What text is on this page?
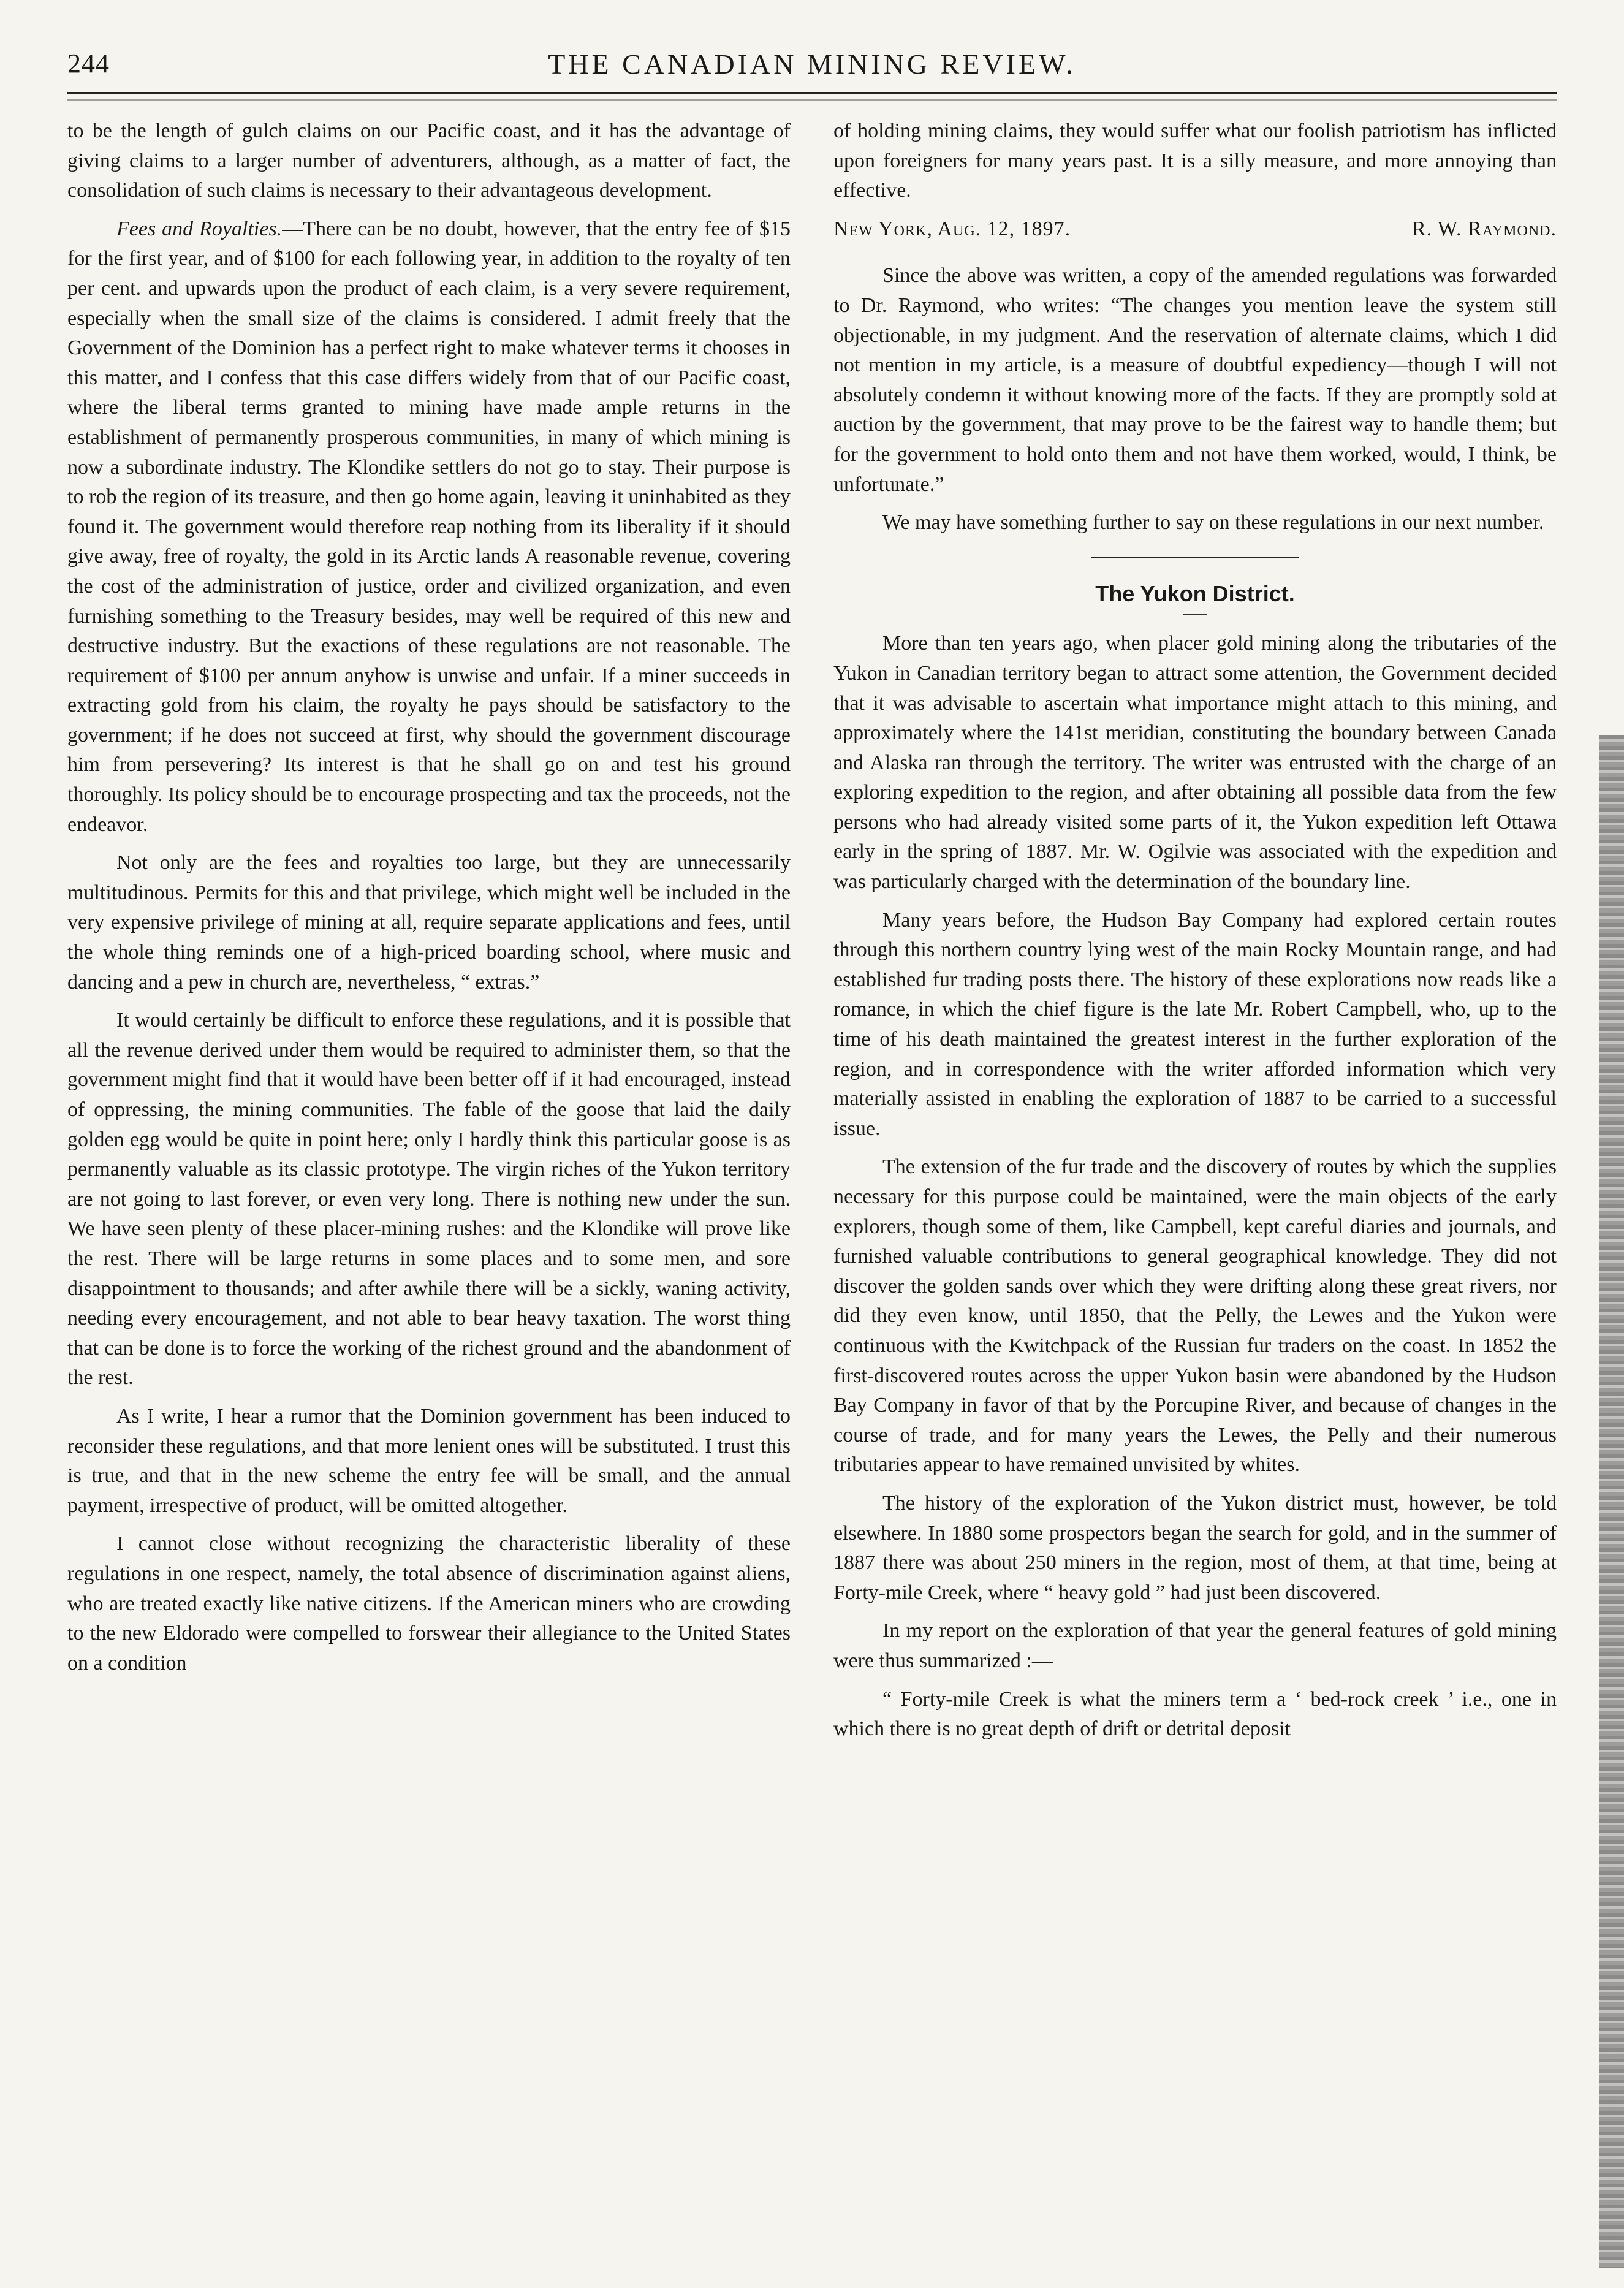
244	THE CANADIAN MINING REVIEW.

to be the length of gulch claims on our Pacific coast, and it has the advantage of giving claims to a larger number of adventurers, although, as a matter of fact, the consolidation of such claims is necessary to their advantageous development.

Fees and Royalties.—There can be no doubt, however, that the entry fee of $15 for the first year, and of $100 for each following year, in addition to the royalty of ten per cent. and upwards upon the product of each claim, is a very severe requirement, especially when the small size of the claims is considered. I admit freely that the Government of the Dominion has a perfect right to make whatever terms it chooses in this matter, and I confess that this case differs widely from that of our Pacific coast, where the liberal terms granted to mining have made ample returns in the establishment of permanently prosperous communities, in many of which mining is now a subordinate industry. The Klondike settlers do not go to stay. Their purpose is to rob the region of its treasure, and then go home again, leaving it uninhabited as they found it. The government would therefore reap nothing from its liberality if it should give away, free of royalty, the gold in its Arctic lands A reasonable revenue, covering the cost of the administration of justice, order and civilized organization, and even furnishing something to the Treasury besides, may well be required of this new and destructive industry. But the exactions of these regulations are not reasonable. The requirement of $100 per annum anyhow is unwise and unfair. If a miner succeeds in extracting gold from his claim, the royalty he pays should be satisfactory to the government; if he does not succeed at first, why should the government discourage him from persevering? Its interest is that he shall go on and test his ground thoroughly. Its policy should be to encourage prospecting and tax the proceeds, not the endeavor.

Not only are the fees and royalties too large, but they are unnecessarily multitudinous. Permits for this and that privilege, which might well be included in the very expensive privilege of mining at all, require separate applications and fees, until the whole thing reminds one of a high-priced boarding school, where music and dancing and a pew in church are, nevertheless, “ extras.”

It would certainly be difficult to enforce these regulations, and it is possible that all the revenue derived under them would be required to administer them, so that the government might find that it would have been better off if it had encouraged, instead of oppressing, the mining communities. The fable of the goose that laid the daily golden egg would be quite in point here; only I hardly think this particular goose is as permanently valuable as its classic prototype. The virgin riches of the Yukon territory are not going to last forever, or even very long. There is nothing new under the sun. We have seen plenty of these placer-mining rushes: and the Klondike will prove like the rest. There will be large returns in some places and to some men, and sore disappointment to thousands; and after awhile there will be a sickly, waning activity, needing every encouragement, and not able to bear heavy taxation. The worst thing that can be done is to force the working of the richest ground and the abandonment of the rest.

As I write, I hear a rumor that the Dominion government has been induced to reconsider these regulations, and that more lenient ones will be substituted. I trust this is true, and that in the new scheme the entry fee will be small, and the annual payment, irrespective of product, will be omitted altogether.

I cannot close without recognizing the characteristic liberality of these regulations in one respect, namely, the total absence of discrimination against aliens, who are treated exactly like native citizens. If the American miners who are crowding to the new Eldorado were compelled to forswear their allegiance to the United States on a condition

of holding mining claims, they would suffer what our foolish patriotism has inflicted upon foreigners for many years past. It is a silly measure, and more annoying than effective.

New York, Aug. 12, 1897.	R. W. Raymond.

Since the above was written, a copy of the amended regulations was forwarded to Dr. Raymond, who writes: “The changes you mention leave the system still objectionable, in my judgment. And the reservation of alternate claims, which I did not mention in my article, is a measure of doubtful expediency—though I will not absolutely condemn it without knowing more of the facts. If they are promptly sold at auction by the government, that may prove to be the fairest way to handle them; but for the government to hold onto them and not have them worked, would, I think, be unfortunate.”

We may have something further to say on these regulations in our next number.

The Yukon District.

More than ten years ago, when placer gold mining along the tributaries of the Yukon in Canadian territory began to attract some attention, the Government decided that it was advisable to ascertain what importance might attach to this mining, and approximately where the 141st meridian, constituting the boundary between Canada and Alaska ran through the territory. The writer was entrusted with the charge of an exploring expedition to the region, and after obtaining all possible data from the few persons who had already visited some parts of it, the Yukon expedition left Ottawa early in the spring of 1887. Mr. W. Ogilvie was associated with the expedition and was particularly charged with the determination of the boundary line.

Many years before, the Hudson Bay Company had explored certain routes through this northern country lying west of the main Rocky Mountain range, and had established fur trading posts there. The history of these explorations now reads like a romance, in which the chief figure is the late Mr. Robert Campbell, who, up to the time of his death maintained the greatest interest in the further exploration of the region, and in correspondence with the writer afforded information which very materially assisted in enabling the exploration of 1887 to be carried to a successful issue.

The extension of the fur trade and the discovery of routes by which the supplies necessary for this purpose could be maintained, were the main objects of the early explorers, though some of them, like Campbell, kept careful diaries and journals, and furnished valuable contributions to general geographical knowledge. They did not discover the golden sands over which they were drifting along these great rivers, nor did they even know, until 1850, that the Pelly, the Lewes and the Yukon were continuous with the Kwitchpack of the Russian fur traders on the coast. In 1852 the first-discovered routes across the upper Yukon basin were abandoned by the Hudson Bay Company in favor of that by the Porcupine River, and because of changes in the course of trade, and for many years the Lewes, the Pelly and their numerous tributaries appear to have remained unvisited by whites.

The history of the exploration of the Yukon district must, however, be told elsewhere. In 1880 some prospectors began the search for gold, and in the summer of 1887 there was about 250 miners in the region, most of them, at that time, being at Forty-mile Creek, where “ heavy gold ” had just been discovered.

In my report on the exploration of that year the general features of gold mining were thus summarized :—

“ Forty-mile Creek is what the miners term a ‘ bed-rock creek ’ i.e., one in which there is no great depth of drift or detrital deposit
